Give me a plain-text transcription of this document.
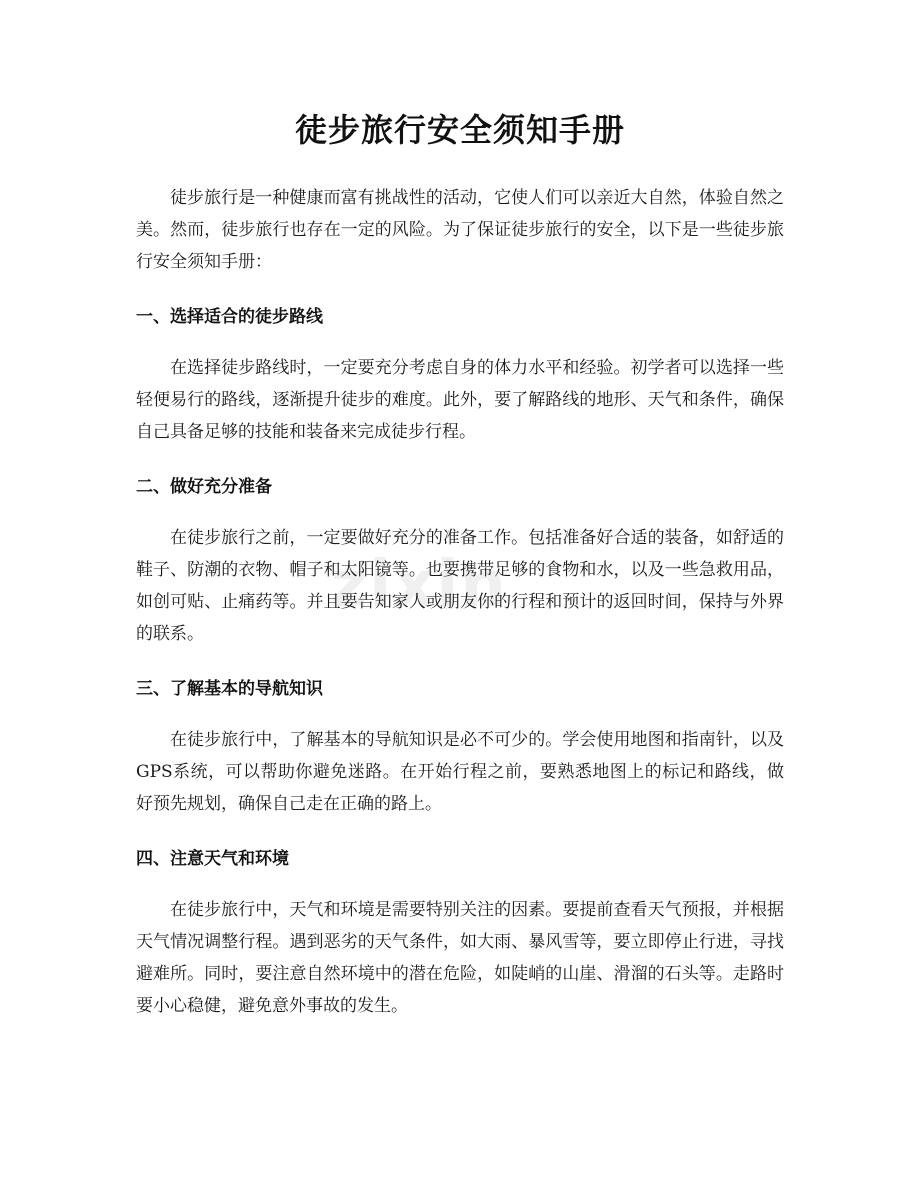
zixin
徒步旅行安全须知手册

徒步旅行是一种健康而富有挑战性的活动，它使人们可以亲近大自然，体验自然之美。然而，徒步旅行也存在一定的风险。为了保证徒步旅行的安全，以下是一些徒步旅行安全须知手册：

一、选择适合的徒步路线

在选择徒步路线时，一定要充分考虑自身的体力水平和经验。初学者可以选择一些轻便易行的路线，逐渐提升徒步的难度。此外，要了解路线的地形、天气和条件，确保自己具备足够的技能和装备来完成徒步行程。

二、做好充分准备

在徒步旅行之前，一定要做好充分的准备工作。包括准备好合适的装备，如舒适的鞋子、防潮的衣物、帽子和太阳镜等。也要携带足够的食物和水，以及一些急救用品，如创可贴、止痛药等。并且要告知家人或朋友你的行程和预计的返回时间，保持与外界的联系。

三、了解基本的导航知识

在徒步旅行中，了解基本的导航知识是必不可少的。学会使用地图和指南针，以及GPS系统，可以帮助你避免迷路。在开始行程之前，要熟悉地图上的标记和路线，做好预先规划，确保自己走在正确的路上。

四、注意天气和环境

在徒步旅行中，天气和环境是需要特别关注的因素。要提前查看天气预报，并根据天气情况调整行程。遇到恶劣的天气条件，如大雨、暴风雪等，要立即停止行进，寻找避难所。同时，要注意自然环境中的潜在危险，如陡峭的山崖、滑溜的石头等。走路时要小心稳健，避免意外事故的发生。
